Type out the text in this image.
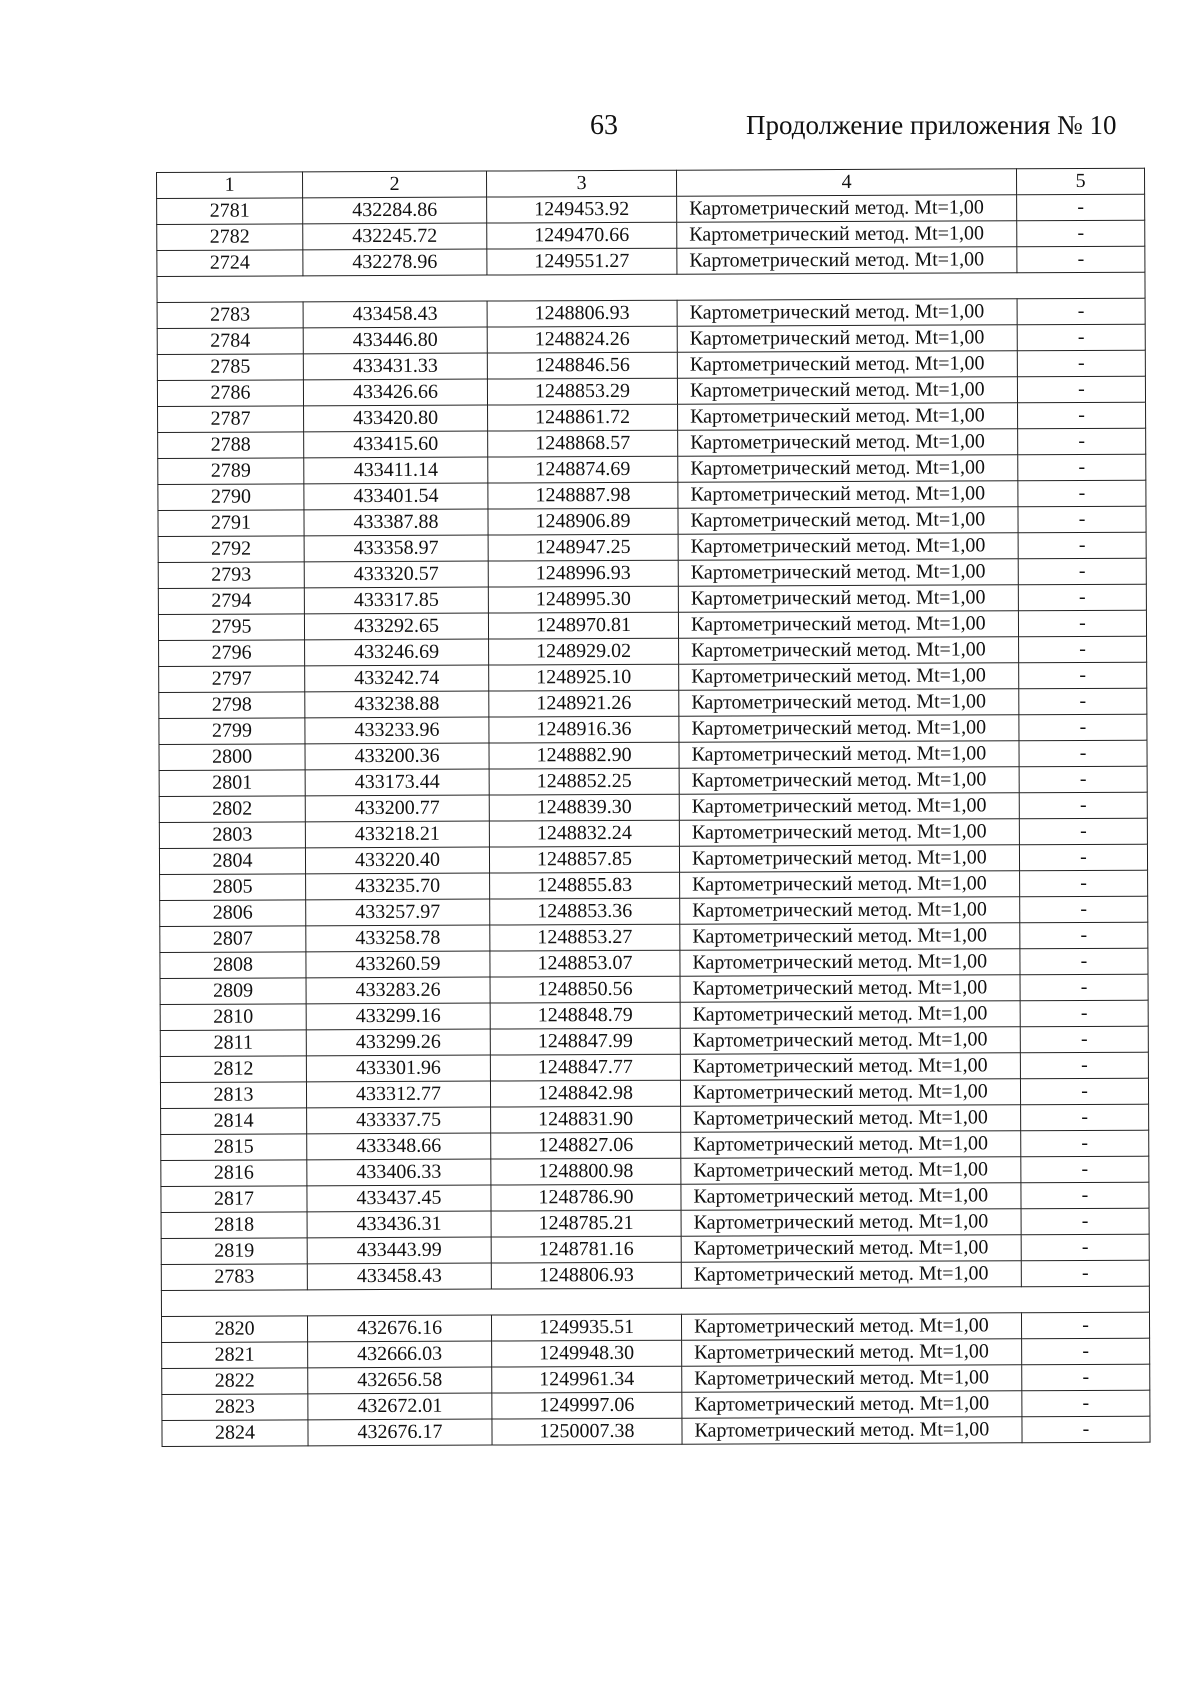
63	Продолжение приложения № 10
1	2	3	4	5
2781	432284.86	1249453.92	Картометрический метод. Mt=1,00	-
2782	432245.72	1249470.66	Картометрический метод. Mt=1,00	-
2724	432278.96	1249551.27	Картометрический метод. Mt=1,00	-

2783	433458.43	1248806.93	Картометрический метод. Mt=1,00	-
2784	433446.80	1248824.26	Картометрический метод. Mt=1,00	-
2785	433431.33	1248846.56	Картометрический метод. Mt=1,00	-
2786	433426.66	1248853.29	Картометрический метод. Mt=1,00	-
2787	433420.80	1248861.72	Картометрический метод. Mt=1,00	-
2788	433415.60	1248868.57	Картометрический метод. Mt=1,00	-
2789	433411.14	1248874.69	Картометрический метод. Mt=1,00	-
2790	433401.54	1248887.98	Картометрический метод. Mt=1,00	-
2791	433387.88	1248906.89	Картометрический метод. Mt=1,00	-
2792	433358.97	1248947.25	Картометрический метод. Mt=1,00	-
2793	433320.57	1248996.93	Картометрический метод. Mt=1,00	-
2794	433317.85	1248995.30	Картометрический метод. Mt=1,00	-
2795	433292.65	1248970.81	Картометрический метод. Mt=1,00	-
2796	433246.69	1248929.02	Картометрический метод. Mt=1,00	-
2797	433242.74	1248925.10	Картометрический метод. Mt=1,00	-
2798	433238.88	1248921.26	Картометрический метод. Mt=1,00	-
2799	433233.96	1248916.36	Картометрический метод. Mt=1,00	-
2800	433200.36	1248882.90	Картометрический метод. Mt=1,00	-
2801	433173.44	1248852.25	Картометрический метод. Mt=1,00	-
2802	433200.77	1248839.30	Картометрический метод. Mt=1,00	-
2803	433218.21	1248832.24	Картометрический метод. Mt=1,00	-
2804	433220.40	1248857.85	Картометрический метод. Mt=1,00	-
2805	433235.70	1248855.83	Картометрический метод. Mt=1,00	-
2806	433257.97	1248853.36	Картометрический метод. Mt=1,00	-
2807	433258.78	1248853.27	Картометрический метод. Mt=1,00	-
2808	433260.59	1248853.07	Картометрический метод. Mt=1,00	-
2809	433283.26	1248850.56	Картометрический метод. Mt=1,00	-
2810	433299.16	1248848.79	Картометрический метод. Mt=1,00	-
2811	433299.26	1248847.99	Картометрический метод. Mt=1,00	-
2812	433301.96	1248847.77	Картометрический метод. Mt=1,00	-
2813	433312.77	1248842.98	Картометрический метод. Mt=1,00	-
2814	433337.75	1248831.90	Картометрический метод. Mt=1,00	-
2815	433348.66	1248827.06	Картометрический метод. Mt=1,00	-
2816	433406.33	1248800.98	Картометрический метод. Mt=1,00	-
2817	433437.45	1248786.90	Картометрический метод. Mt=1,00	-
2818	433436.31	1248785.21	Картометрический метод. Mt=1,00	-
2819	433443.99	1248781.16	Картометрический метод. Mt=1,00	-
2783	433458.43	1248806.93	Картометрический метод. Mt=1,00	-

2820	432676.16	1249935.51	Картометрический метод. Mt=1,00	-
2821	432666.03	1249948.30	Картометрический метод. Mt=1,00	-
2822	432656.58	1249961.34	Картометрический метод. Mt=1,00	-
2823	432672.01	1249997.06	Картометрический метод. Mt=1,00	-
2824	432676.17	1250007.38	Картометрический метод. Mt=1,00	-
